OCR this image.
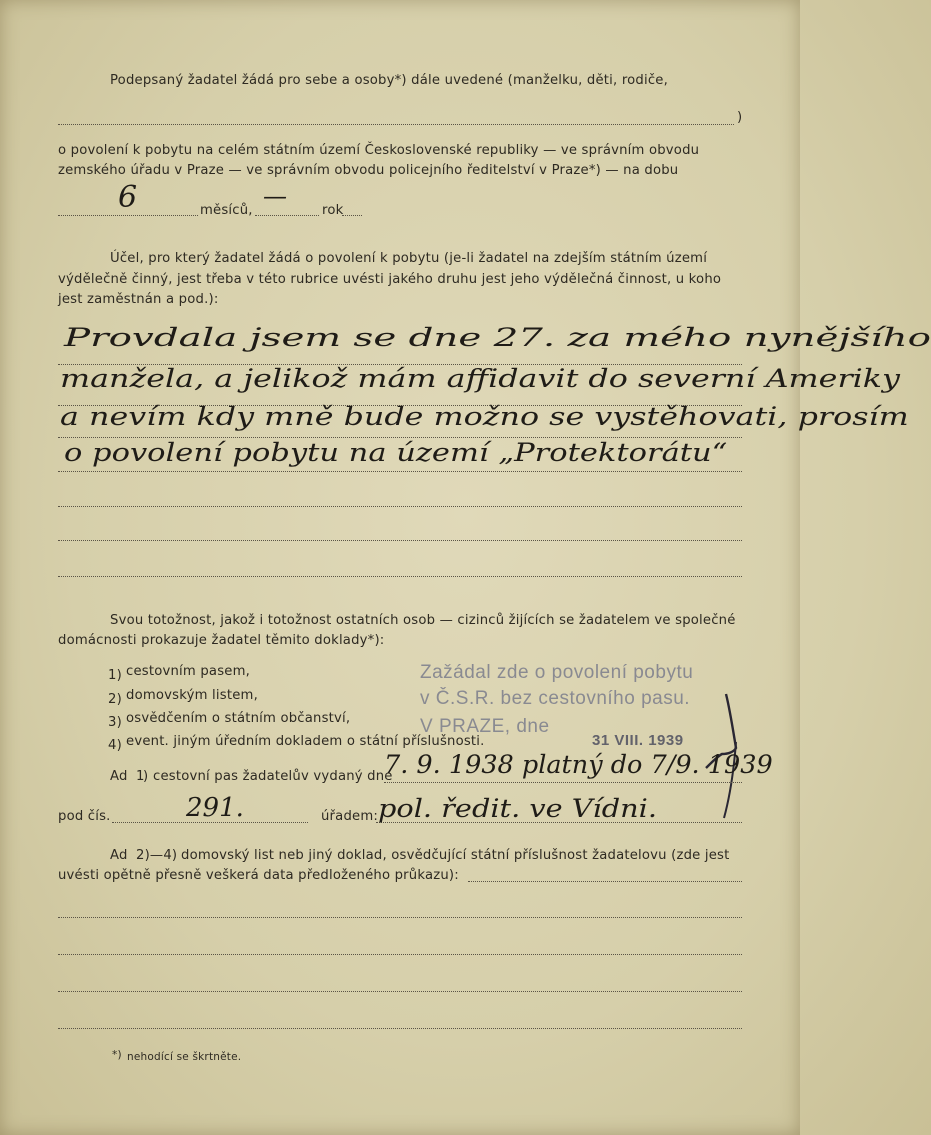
Podepsaný žadatel žádá pro sebe a osoby*) dále uvedené (manželku, děti, rodiče,
)
o povolení k pobytu na celém státním území Československé republiky — ve správním obvodu
zemského úřadu v Praze — ve správním obvodu policejního ředitelství v Praze*) — na dobu
6	měsíců,
—
rok
Účel, pro který žadatel žádá o povolení k pobytu (je-li žadatel na zdejším státním území
výdělečně činný, jest třeba v této rubrice uvésti jakého druhu jest jeho výdělečná činnost, u koho
jest zaměstnán a pod.):
Provdala jsem se dne 27. za mého nynějšího
manžela, a jelikož mám affidavit do severní Ameriky
a nevím kdy mně bude možno se vystěhovati, prosím
o povolení pobytu na území „Protektorátu“
Svou totožnost, jakož i totožnost ostatních osob — cizinců žijících se žadatelem ve společné
domácnosti prokazuje žadatel těmito doklady*):
1) cestovním pasem,
2) domovským listem,
3) osvědčením o státním občanství,
4) event. jiným úředním dokladem o státní příslušnosti.
Zažádal zde o povolení pobytu
v Č.S.R. bez cestovního pasu.
V PRAZE, dne
31 VIII. 1939
Ad 1
) cestovní pas žadatelův vydaný dne
7. 9. 1938 platný do 7/9. 1939
pod čís.	291.	úřadem: pol. ředit. ve Vídni.
Ad 2)—4) domovský list neb jiný doklad, osvědčující státní příslušnost žadatelovu (zde jest
uvésti opětně přesně veškerá data předloženého průkazu):
*) nehodící se škrtněte.
